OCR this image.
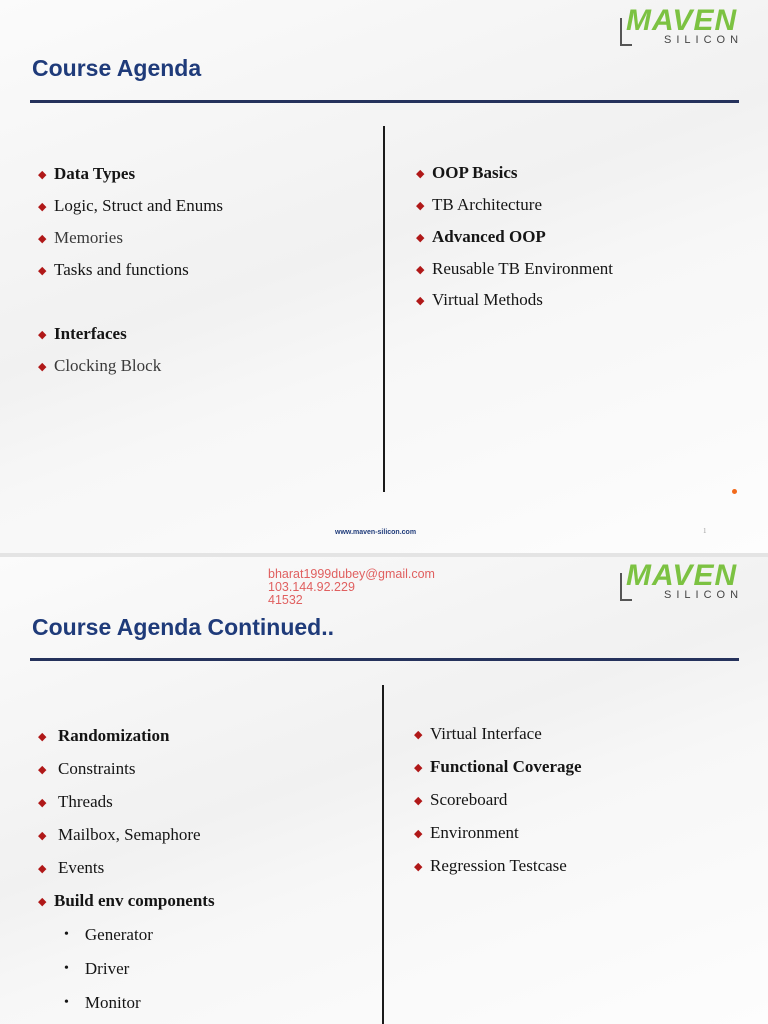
MAVEN
SILICON
Course Agenda
◆ Data Types
◆ Logic, Struct and Enums
◆ Memories
◆ Tasks and functions
◆ Interfaces
◆ Clocking Block
◆ OOP Basics
◆ TB Architecture
◆ Advanced OOP
◆ Reusable TB Environment
◆ Virtual Methods
www.maven-silicon.com	1
MAVEN
SILICON
Course Agenda Continued..
◆ Randomization
◆ Constraints
◆ Threads
◆ Mailbox, Semaphore
◆ Events
◆ Build env components
• Generator
• Driver
• Monitor
◆ Virtual Interface
◆ Functional Coverage
◆ Scoreboard
◆ Environment
◆ Regression Testcase
bharat1999dubey@gmail.com
103.144.92.229
41532
